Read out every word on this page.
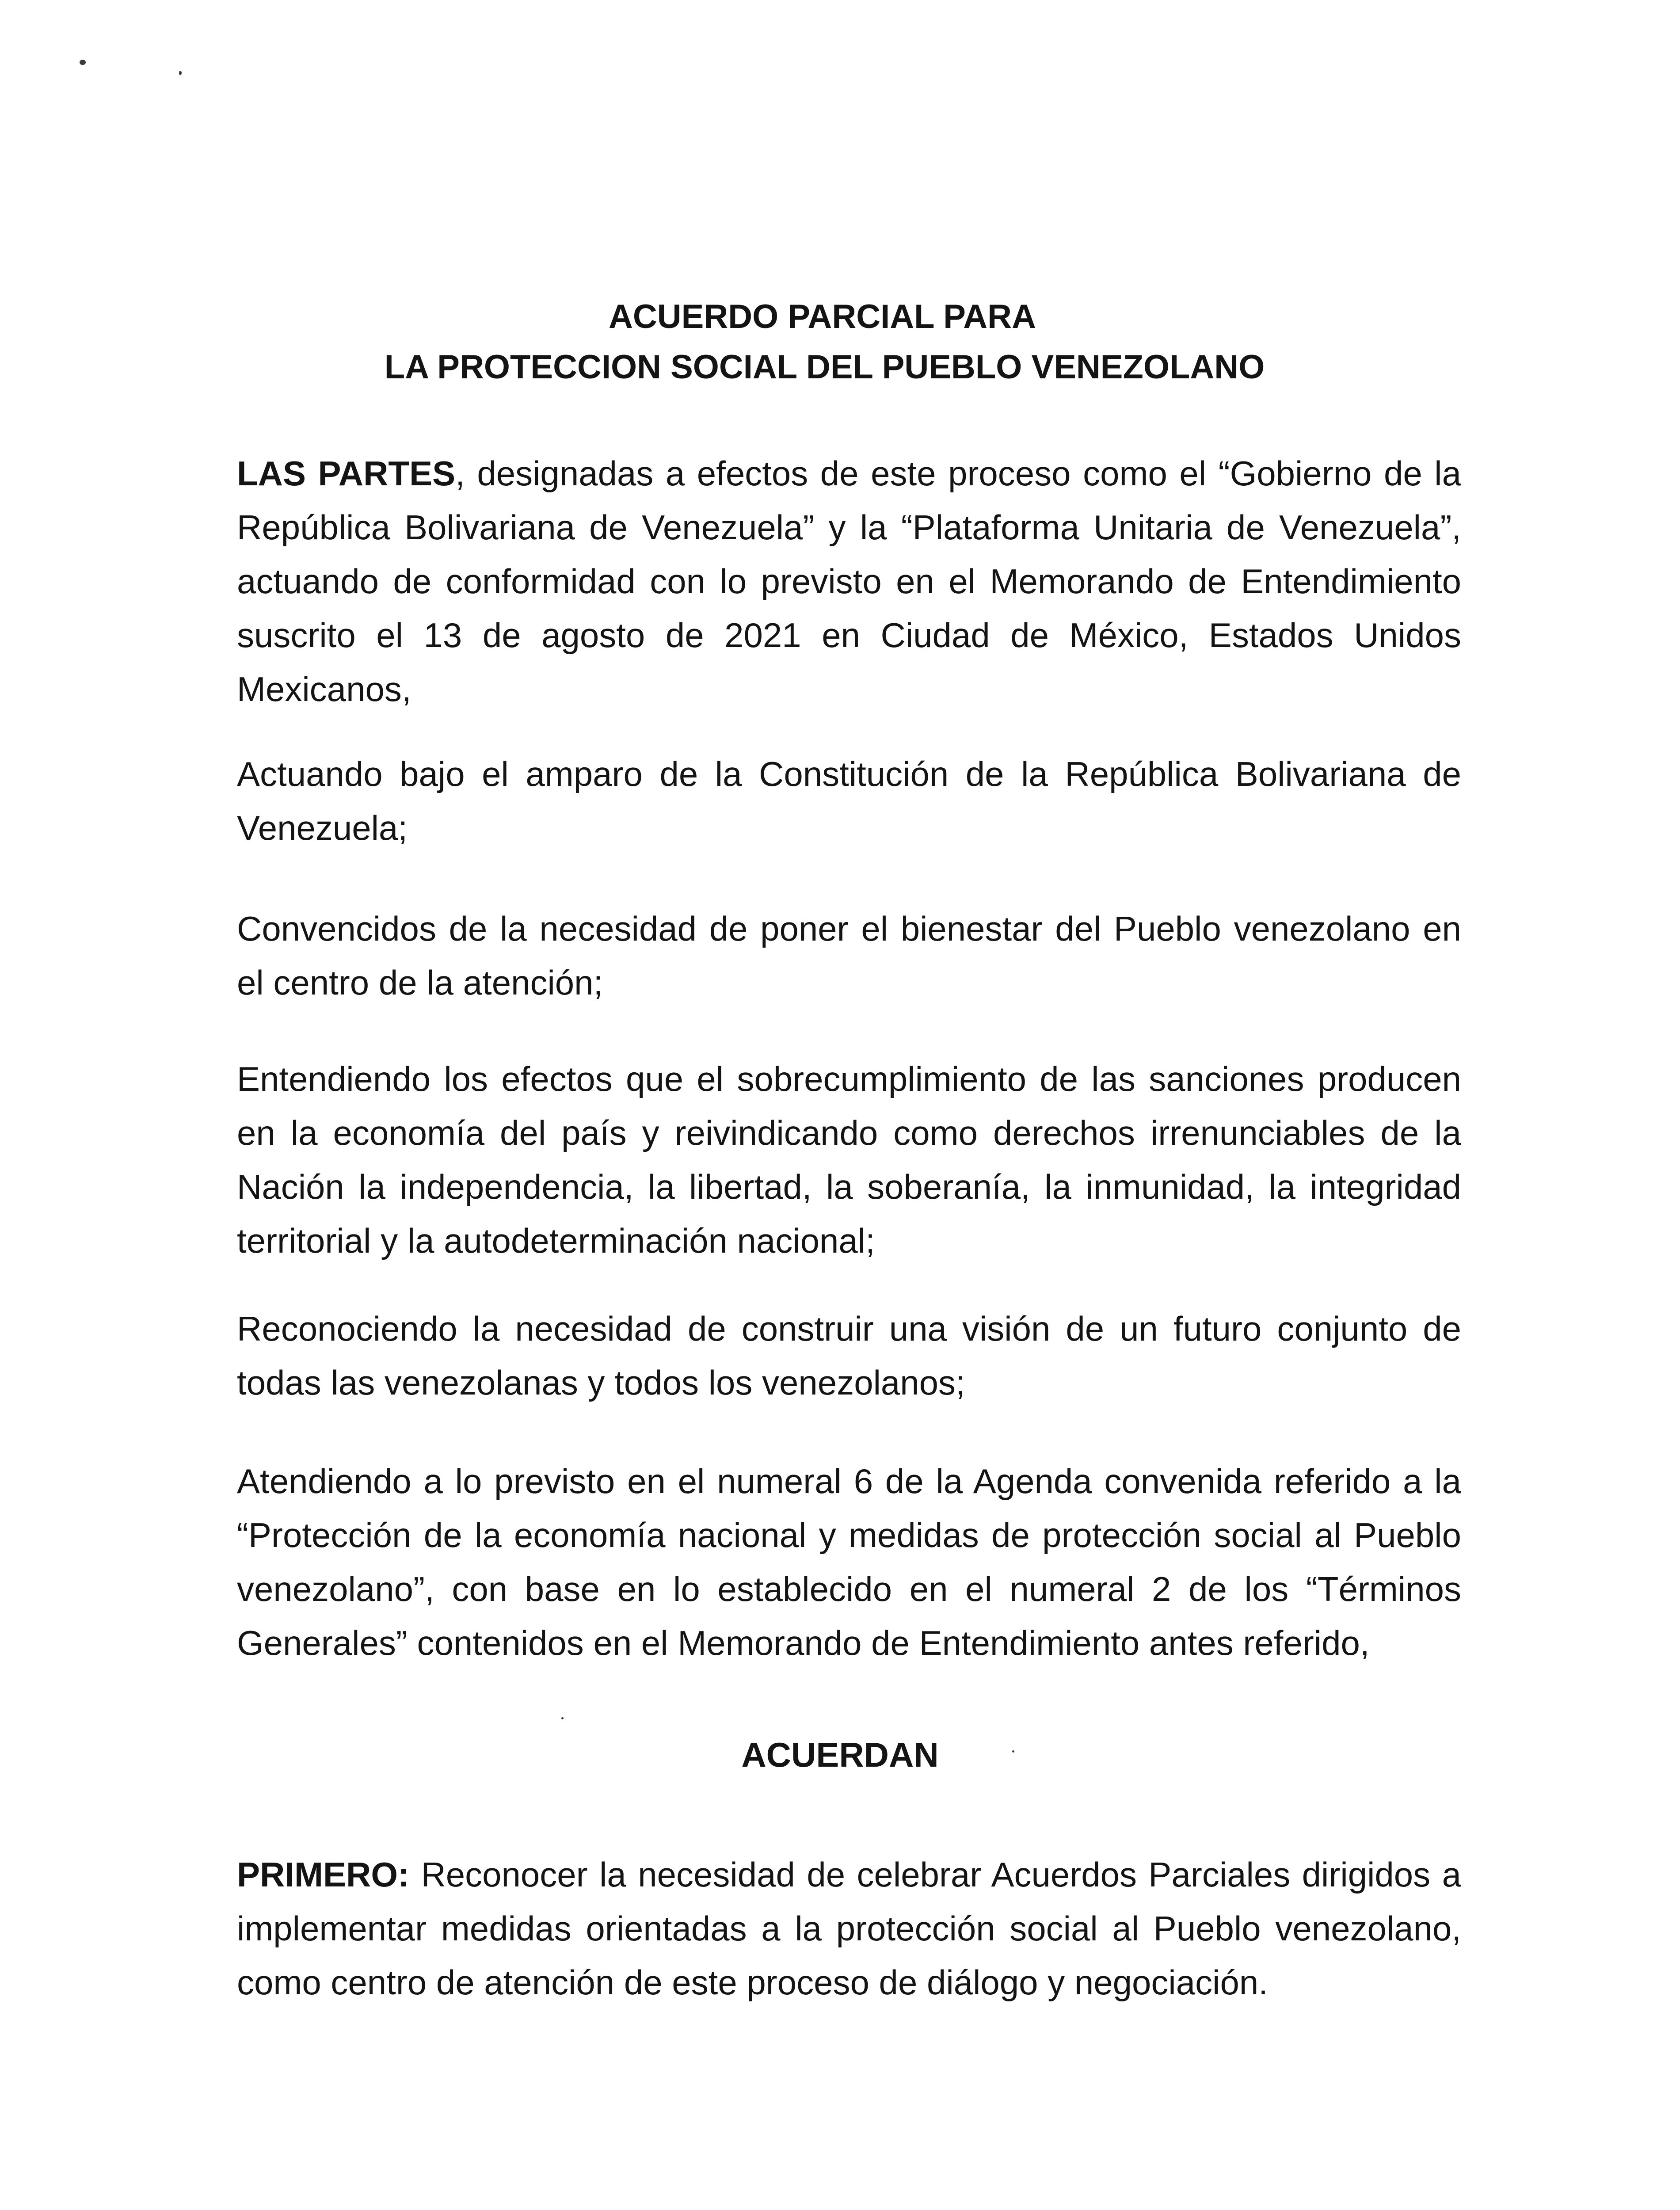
ACUERDO PARCIAL PARA
LA PROTECCION SOCIAL DEL PUEBLO VENEZOLANO

LAS PARTES, designadas a efectos de este proceso como el “Gobierno de la República Bolivariana de Venezuela” y la “Plataforma Unitaria de Venezuela”, actuando de conformidad con lo previsto en el Memorando de Entendimiento suscrito el 13 de agosto de 2021 en Ciudad de México, Estados Unidos Mexicanos,

Actuando bajo el amparo de la Constitución de la República Bolivariana de Venezuela;

Convencidos de la necesidad de poner el bienestar del Pueblo venezolano en el centro de la atención;

Entendiendo los efectos que el sobrecumplimiento de las sanciones producen en la economía del país y reivindicando como derechos irrenunciables de la Nación la independencia, la libertad, la soberanía, la inmunidad, la integridad territorial y la autodeterminación nacional;

Reconociendo la necesidad de construir una visión de un futuro conjunto de todas las venezolanas y todos los venezolanos;

Atendiendo a lo previsto en el numeral 6 de la Agenda convenida referido a la “Protección de la economía nacional y medidas de protección social al Pueblo venezolano”, con base en lo establecido en el numeral 2 de los “Términos Generales” contenidos en el Memorando de Entendimiento antes referido,

ACUERDAN

PRIMERO: Reconocer la necesidad de celebrar Acuerdos Parciales dirigidos a implementar medidas orientadas a la protección social al Pueblo venezolano, como centro de atención de este proceso de diálogo y negociación.
